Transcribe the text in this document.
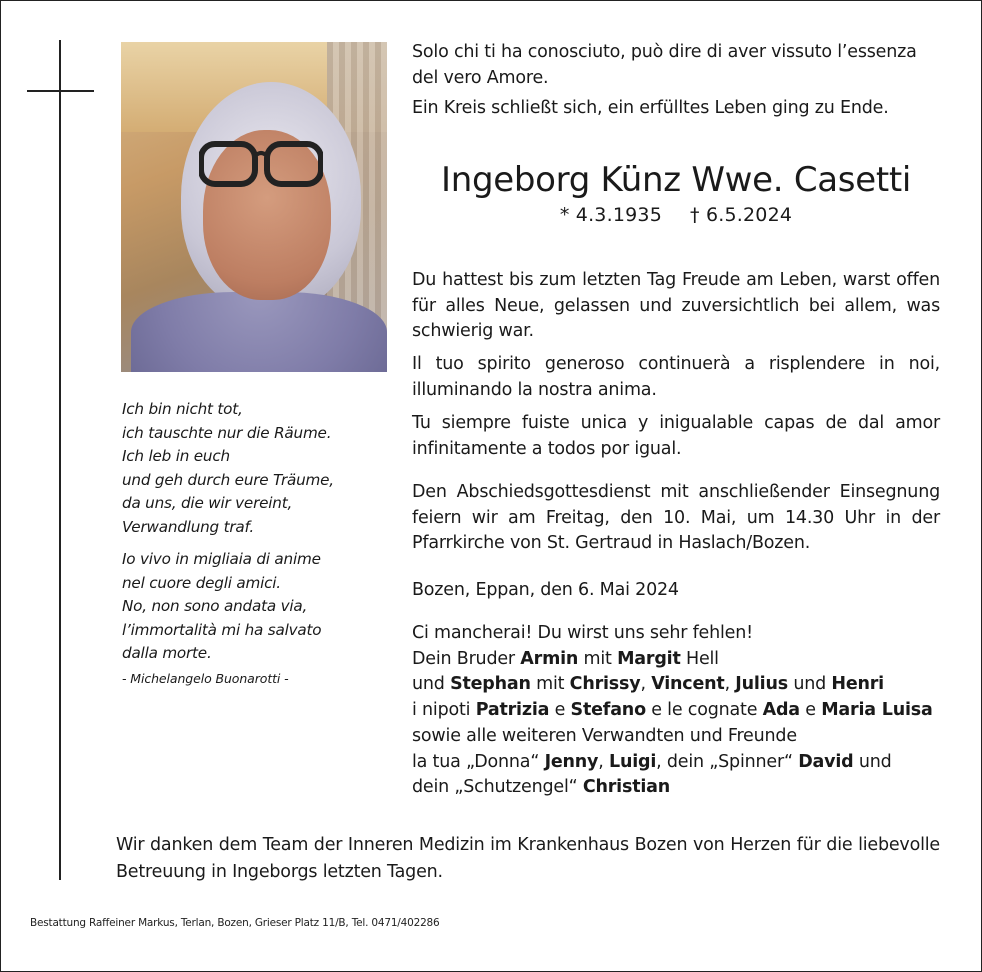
Solo chi ti ha conosciuto, può dire di aver vissuto l’essenza del vero Amore.

Ein Kreis schließt sich, ein erfülltes Leben ging zu Ende.

Ingeborg Künz Wwe. Casetti

* 4.3.1935 † 6.5.2024

Du hattest bis zum letzten Tag Freude am Leben, warst offen für alles Neue, gelassen und zuversichtlich bei allem, was schwierig war.

Il tuo spirito generoso continuerà a risplendere in noi, illuminando la nostra anima.

Tu siempre fuiste unica y inigualable capas de dal amor infinitamente a todos por igual.

Den Abschiedsgottesdienst mit anschließender Einsegnung feiern wir am Freitag, den 10. Mai, um 14.30 Uhr in der Pfarrkirche von St. Gertraud in Haslach/Bozen.

Bozen, Eppan, den 6. Mai 2024

Ci mancherai! Du wirst uns sehr fehlen!
Dein Bruder Armin mit Margit Hell
und Stephan mit Chrissy, Vincent, Julius und Henri
i nipoti Patrizia e Stefano e le cognate Ada e Maria Luisa
sowie alle weiteren Verwandten und Freunde
la tua „Donna“ Jenny, Luigi, dein „Spinner“ David und
dein „Schutzengel“ Christian
Ich bin nicht tot,
ich tauschte nur die Räume.
Ich leb in euch
und geh durch eure Träume,
da uns, die wir vereint,
Verwandlung traf.
Io vivo in migliaia di anime
nel cuore degli amici.
No, non sono andata via,
l’immortalità mi ha salvato
dalla morte.

- Michelangelo Buonarotti -

Wir danken dem Team der Inneren Medizin im Krankenhaus Bozen von Herzen für die liebevolle Betreuung in Ingeborgs letzten Tagen.

Bestattung Raffeiner Markus, Terlan, Bozen, Grieser Platz 11/B, Tel. 0471/402286
